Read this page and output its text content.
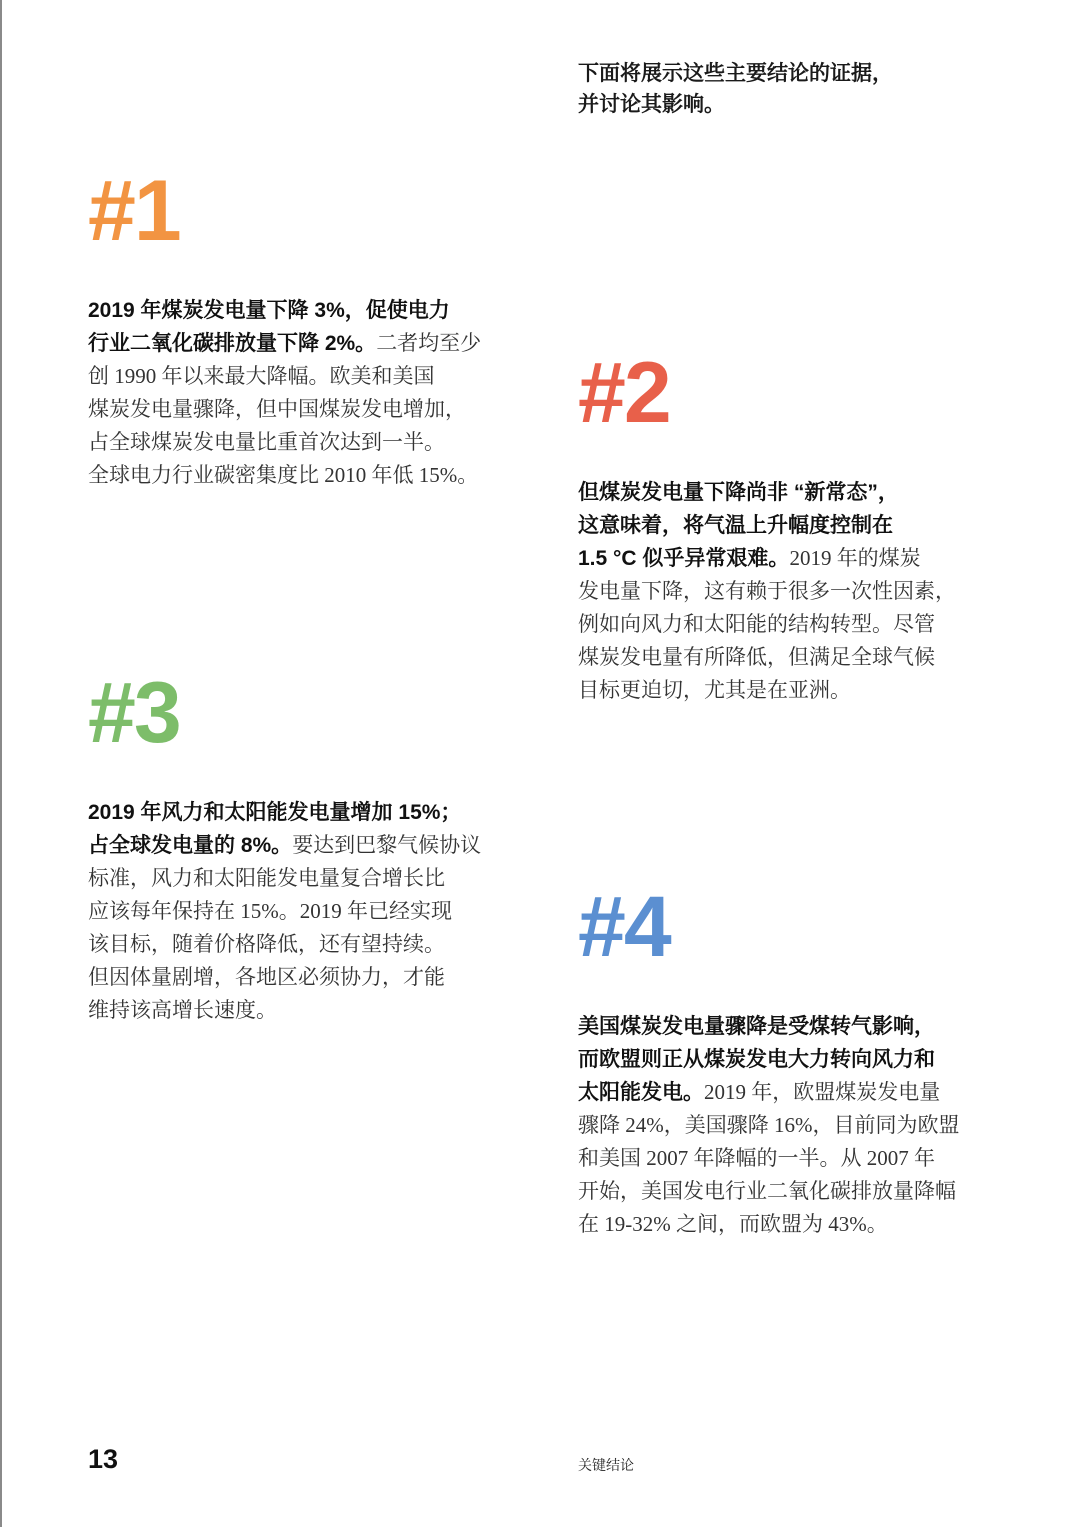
下面将展示这些主要结论的证据，
并讨论其影响。
#1

2019 年煤炭发电量下降 3%，促使电力
行业二氧化碳排放量下降 2%。二者均至少
创 1990 年以来最大降幅。欧美和美国
煤炭发电量骤降，但中国煤炭发电增加，
占全球煤炭发电量比重首次达到一半。
全球电力行业碳密集度比 2010 年低 15%。

#2

但煤炭发电量下降尚非 “新常态”，
这意味着，将气温上升幅度控制在
1.5 °C 似乎异常艰难。2019 年的煤炭
发电量下降，这有赖于很多一次性因素，
例如向风力和太阳能的结构转型。尽管
煤炭发电量有所降低，但满足全球气候
目标更迫切，尤其是在亚洲。

#3

2019 年风力和太阳能发电量增加 15%；
占全球发电量的 8%。要达到巴黎气候协议
标准，风力和太阳能发电量复合增长比
应该每年保持在 15%。2019 年已经实现
该目标，随着价格降低，还有望持续。
但因体量剧增，各地区必须协力，才能
维持该高增长速度。

#4

美国煤炭发电量骤降是受煤转气影响，
而欧盟则正从煤炭发电大力转向风力和
太阳能发电。2019 年，欧盟煤炭发电量
骤降 24%，美国骤降 16%，目前同为欧盟
和美国 2007 年降幅的一半。从 2007 年
开始，美国发电行业二氧化碳排放量降幅
在 19-32% 之间，而欧盟为 43%。

13	关键结论
